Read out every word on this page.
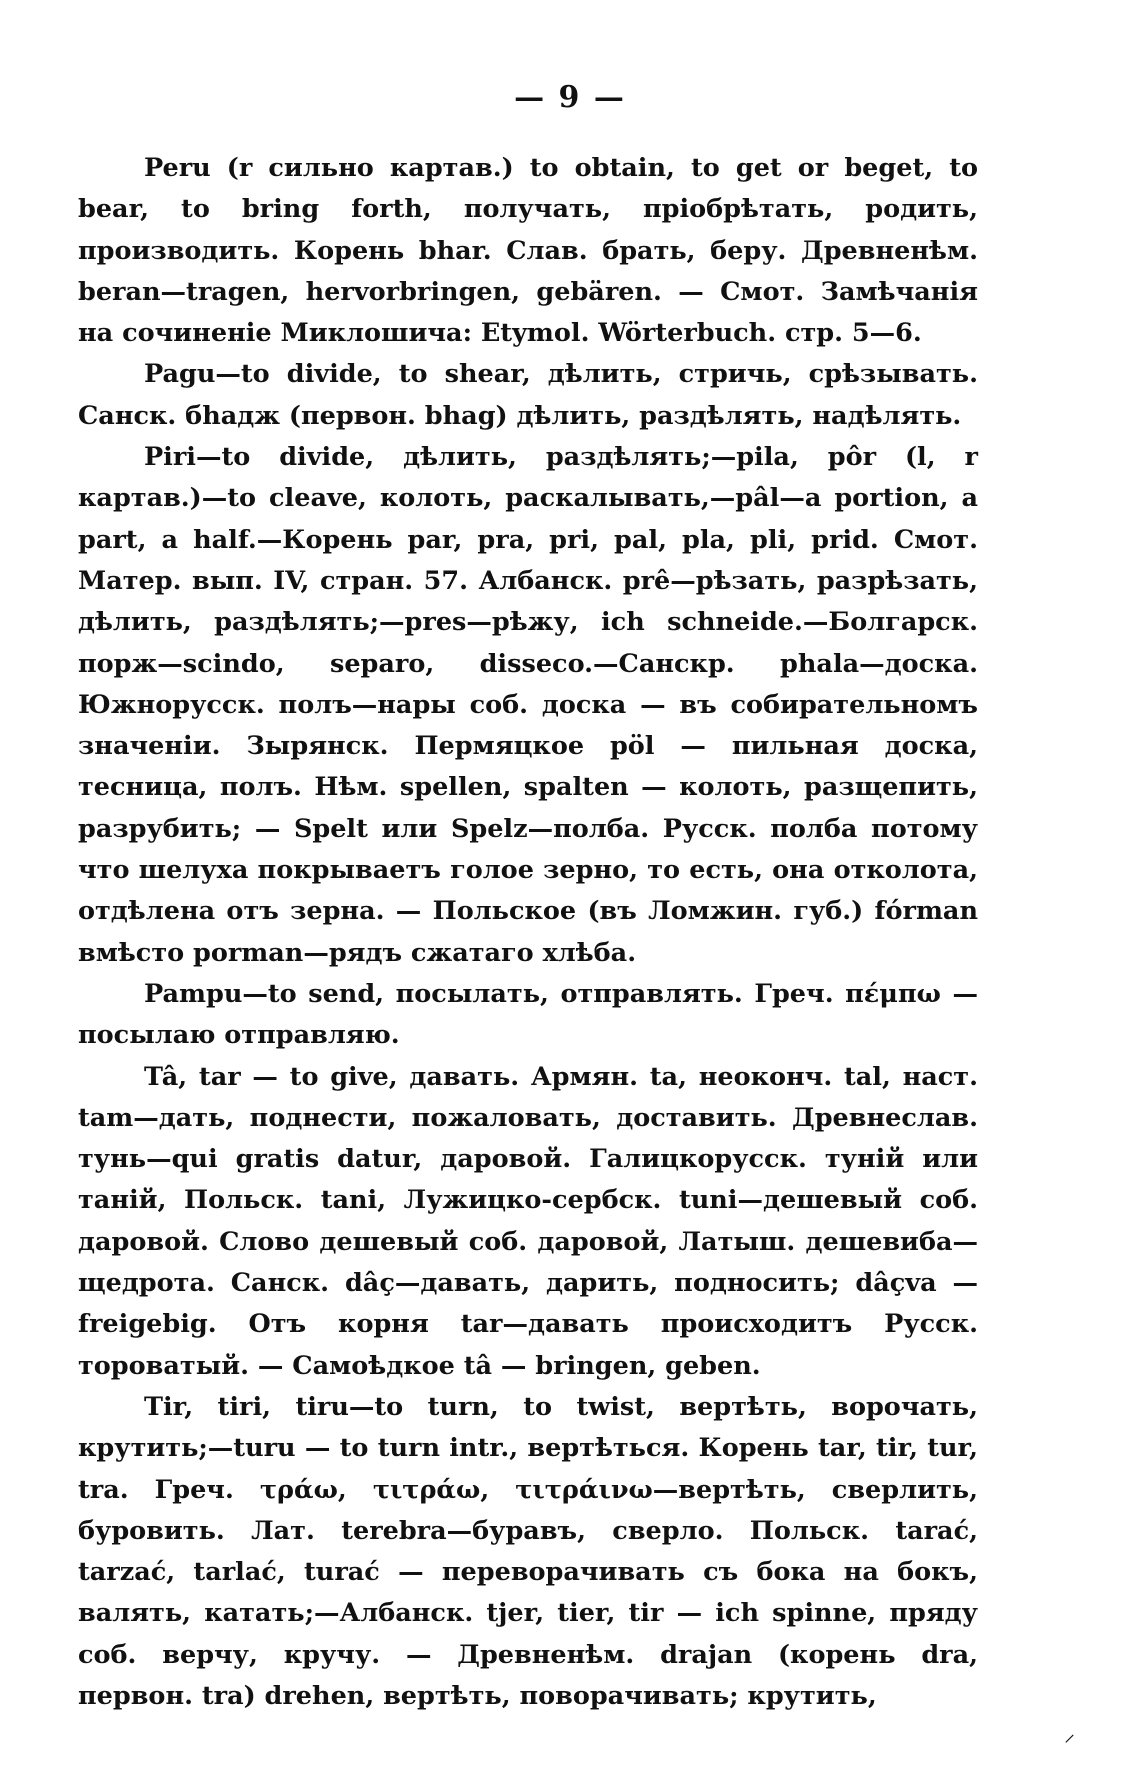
— 9 —

Peru (r сильно картав.) to obtain, to get or beget, to bear, to bring forth, получать, пріобрѣтать, родить, производить. Корень bhar. Слав. брать, беру. Древненѣм. beran—tragen, hervorbringen, gebären. — Смот. Замѣчанія на сочиненіе Миклошича: Etymol. Wörterbuch. стр. 5—6.

Pagu—to divide, to shear, дѣлить, стричь, срѣзывать. Санск. бhадж (первон. bhag) дѣлить, раздѣлять, надѣлять.

Piri—to divide, дѣлить, раздѣлять;—pila, pôr (l, r картав.)—to cleave, колоть, раскалывать,—pâl—a portion, a part, a half.—Корень par, pra, pri, pal, pla, pli, prid. Смот. Матер. вып. IV, стран. 57. Албанск. prê—рѣзать, разрѣзать, дѣлить, раздѣлять;—pres—рѣжу, ich schneide.—Болгарск. порж—scindo, separo, disseco.—Санскр. phala—доска. Южнорусск. полъ—нары соб. доска — въ собирательномъ значеніи. Зырянск. Пермяцкое pöl — пильная доска, тесница, полъ. Нѣм. spellen, spalten — колоть, разщепить, разрубить; — Spelt или Spelz—полба. Русск. полба потому что шелуха покрываетъ голое зерно, то есть, она отколота, отдѣлена отъ зерна. — Польское (въ Ломжин. губ.) fórman вмѣсто porman—рядъ сжатаго хлѣба.

Pampu—to send, посылать, отправлять. Греч. πέμπω — посылаю отправляю.

Tâ, tar — to give, давать. Армян. ta, неоконч. tal, наст. tam—дать, поднести, пожаловать, доставить. Древнеслав. тунь—qui gratis datur, даровой. Галицкорусск. туній или таній, Польск. tani, Лужицко-сербск. tuni—дешевый соб. даровой. Слово дешевый соб. даровой, Латыш. дешевиба—щедрота. Санск. dâç—давать, дарить, подносить; dâçva —freigebig. Отъ корня tar—давать происходитъ Русск. тороватый. — Самоѣдкое tâ — bringen, geben.

Tir, tiri, tiru—to turn, to twist, вертѣть, ворочать, крутить;—turu — to turn intr., вертѣться. Корень tar, tir, tur, tra. Греч. τράω, τιτράω, τιτράινω—вертѣть, сверлить, буровить. Лат. terebra—буравъ, сверло. Польск. tarać, tarzać, tarlać, turać — переворачивать съ бока на бокъ, валять, катать;—Албанск. tjer, tier, tir — ich spinne, пряду соб. верчу, кручу. — Древненѣм. drajan (корень dra, первон. tra) drehen, вертѣть, поворачивать; крутить,

⸝
